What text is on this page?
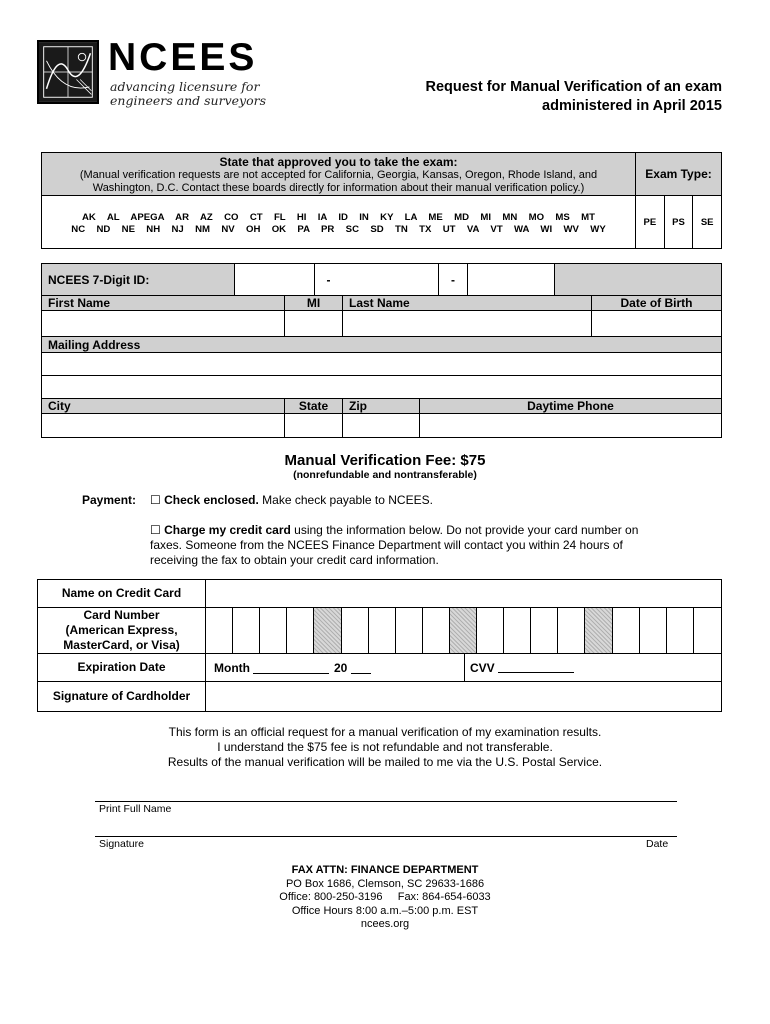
NCEES
advancing licensure for
engineers and surveyors
Request for Manual Verification of an exam
administered in April 2015
State that approved you to take the exam:
(Manual verification requests are not accepted for California, Georgia, Kansas, Oregon, Rhode Island, and
Washington, D.C. Contact these boards directly for information about their manual verification policy.)
Exam Type:
AK  AL  APEGA  AR  AZ  CO  CT  FL  HI  IA  ID  IN  KY  LA  ME  MD  MI  MN  MO  MS  MT
NC  ND  NE  NH  NJ  NM  NV  OH  OK  PA  PR  SC  SD  TN  TX  UT  VA  VT  WA  WI  WV  WY
PE	PS	SE
NCEES 7-Digit ID:	-	-
First Name	MI	Last Name	Date of Birth
Mailing Address
City	State	Zip	Daytime Phone
Manual Verification Fee: $75
(nonrefundable and nontransferable)
Payment: ☐ Check enclosed. Make check payable to NCEES.
☐ Charge my credit card using the information below. Do not provide your card number on
faxes. Someone from the NCEES Finance Department will contact you within 24 hours of
receiving the fax to obtain your credit card information.
Name on Credit Card
Card Number
(American Express,
MasterCard, or Visa)
Expiration Date	Month	20	CVV
Signature of Cardholder
This form is an official request for a manual verification of my examination results.
I understand the $75 fee is not refundable and not transferable.
Results of the manual verification will be mailed to me via the U.S. Postal Service.
Print Full Name
Signature	Date
FAX ATTN: FINANCE DEPARTMENT
PO Box 1686, Clemson, SC 29633-1686
Office: 800-250-3196     Fax: 864-654-6033
Office Hours 8:00 a.m.–5:00 p.m. EST
ncees.org
